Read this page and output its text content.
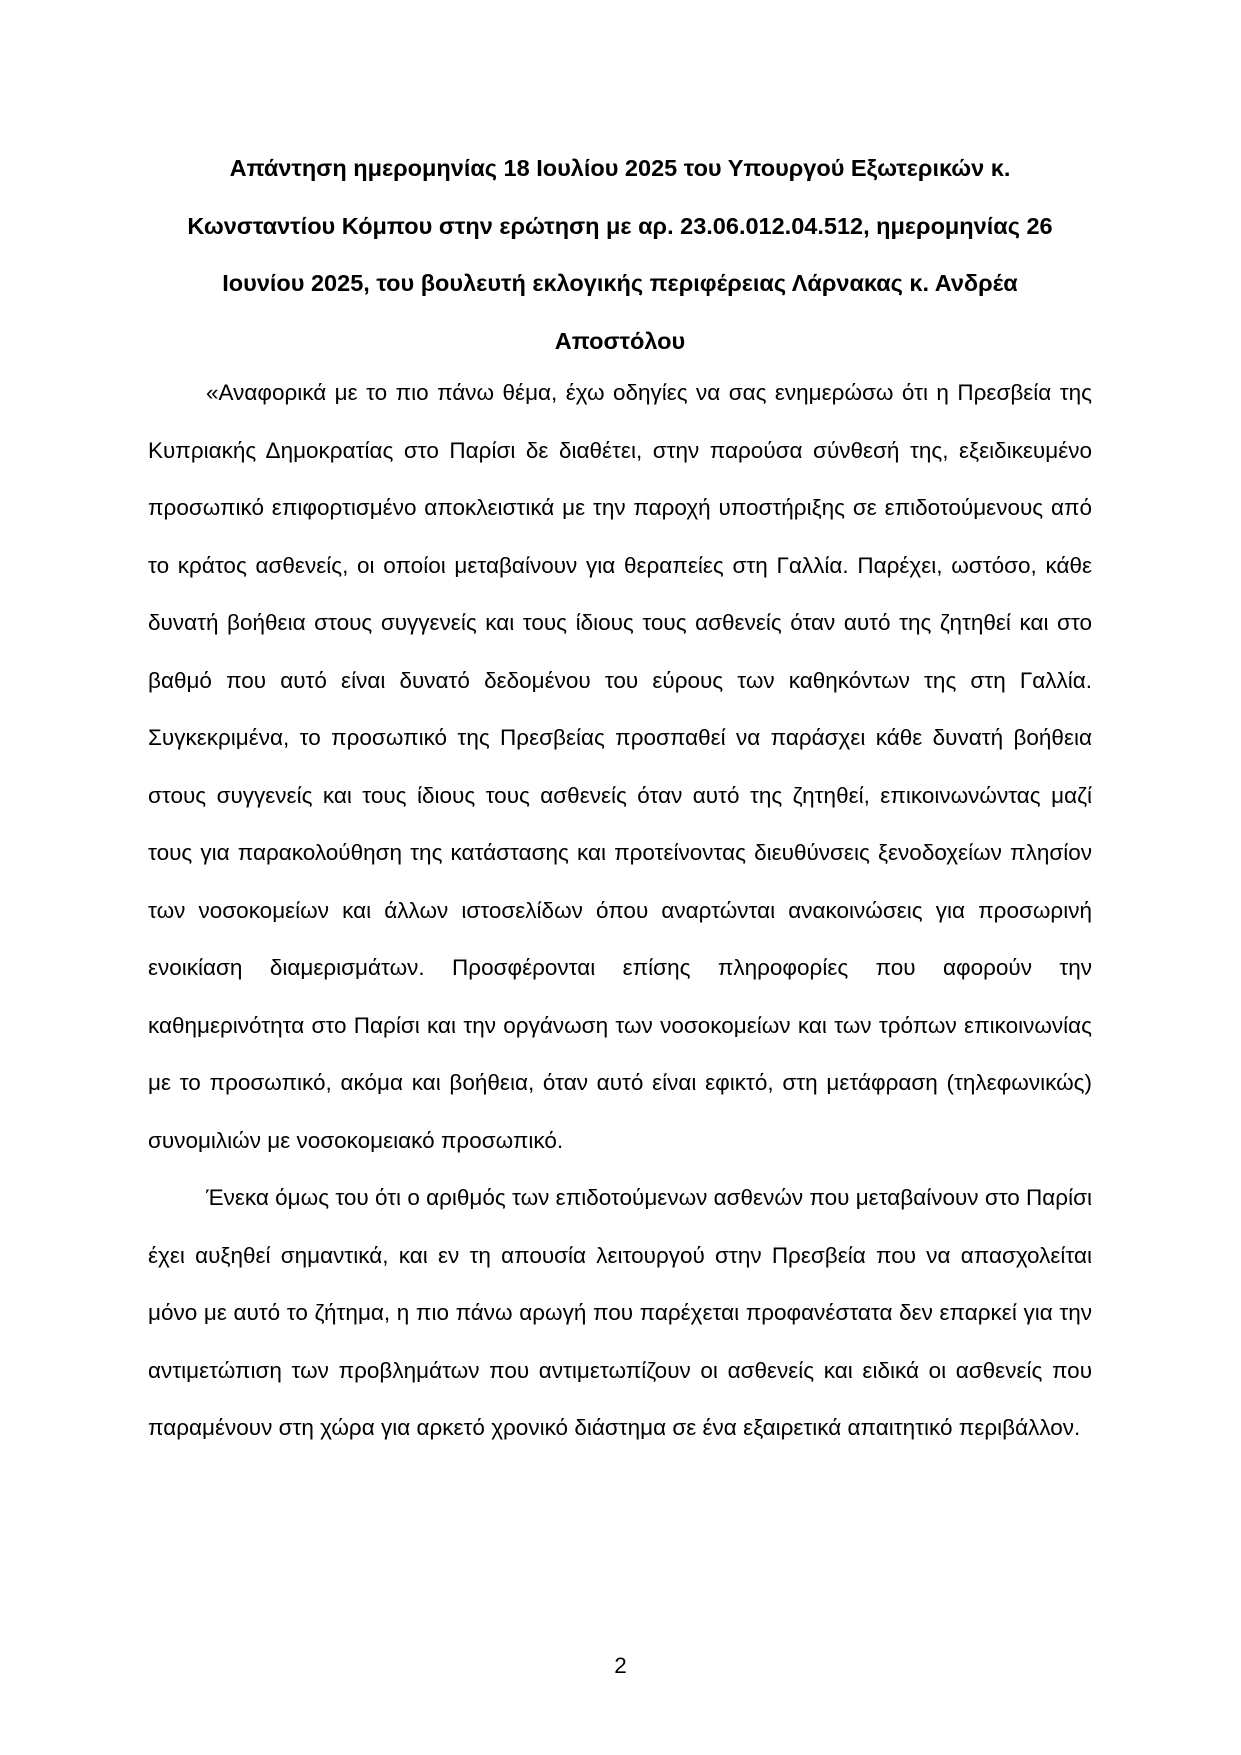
Απάντηση ημερομηνίας 18 Ιουλίου 2025 του Υπουργού Εξωτερικών κ.
Κωνσταντίου Κόμπου στην ερώτηση με αρ. 23.06.012.04.512, ημερομηνίας 26
Ιουνίου 2025, του βουλευτή εκλογικής περιφέρειας Λάρνακας κ. Ανδρέα
Αποστόλου

«Αναφορικά με το πιο πάνω θέμα, έχω οδηγίες να σας ενημερώσω ότι η Πρεσβεία της Κυπριακής Δημοκρατίας στο Παρίσι δε διαθέτει, στην παρούσα σύνθεσή της, εξειδικευμένο προσωπικό επιφορτισμένο αποκλειστικά με την παροχή υποστήριξης σε επιδοτούμενους από το κράτος ασθενείς, οι οποίοι μεταβαίνουν για θεραπείες στη Γαλλία. Παρέχει, ωστόσο, κάθε δυνατή βοήθεια στους συγγενείς και τους ίδιους τους ασθενείς όταν αυτό της ζητηθεί και στο βαθμό που αυτό είναι δυνατό δεδομένου του εύρους των καθηκόντων της στη Γαλλία. Συγκεκριμένα, το προσωπικό της Πρεσβείας προσπαθεί να παράσχει κάθε δυνατή βοήθεια στους συγγενείς και τους ίδιους τους ασθενείς όταν αυτό της ζητηθεί, επικοινωνώντας μαζί τους για παρακολούθηση της κατάστασης και προτείνοντας διευθύνσεις ξενοδοχείων πλησίον των νοσοκομείων και άλλων ιστοσελίδων όπου αναρτώνται ανακοινώσεις για προσωρινή ενοικίαση διαμερισμάτων. Προσφέρονται επίσης πληροφορίες που αφορούν την καθημερινότητα στο Παρίσι και την οργάνωση των νοσοκομείων και των τρόπων επικοινωνίας με το προσωπικό, ακόμα και βοήθεια, όταν αυτό είναι εφικτό, στη μετάφραση (τηλεφωνικώς) συνομιλιών με νοσοκομειακό προσωπικό.

Ένεκα όμως του ότι ο αριθμός των επιδοτούμενων ασθενών που μεταβαίνουν στο Παρίσι έχει αυξηθεί σημαντικά, και εν τη απουσία λειτουργού στην Πρεσβεία που να απασχολείται μόνο με αυτό το ζήτημα, η πιο πάνω αρωγή που παρέχεται προφανέστατα δεν επαρκεί για την αντιμετώπιση των προβλημάτων που αντιμετωπίζουν οι ασθενείς και ειδικά οι ασθενείς που παραμένουν στη χώρα για αρκετό χρονικό διάστημα σε ένα εξαιρετικά απαιτητικό περιβάλλον.

2
